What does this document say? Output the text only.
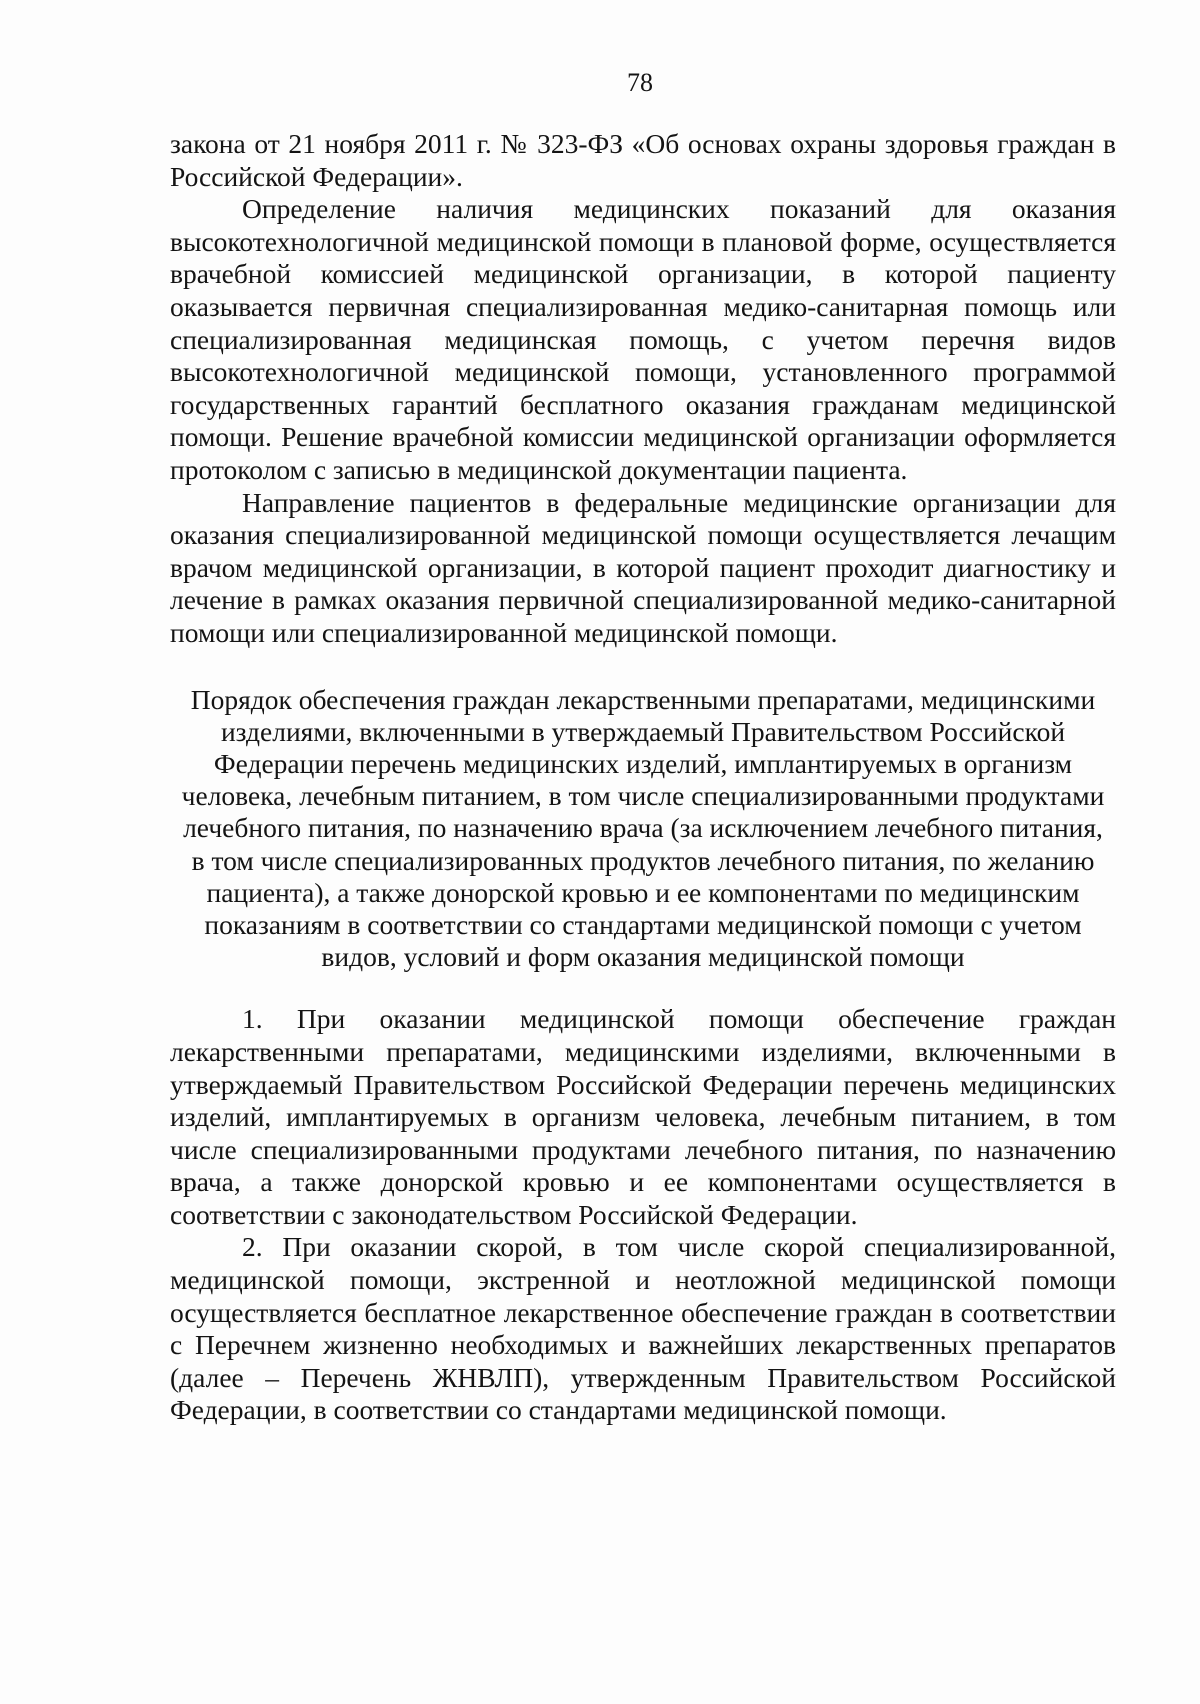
78

закона от 21 ноября 2011 г. № 323-ФЗ «Об основах охраны здоровья граждан в Российской Федерации».

Определение наличия медицинских показаний для оказания высокотехнологичной медицинской помощи в плановой форме, осуществляется врачебной комиссией медицинской организации, в которой пациенту оказывается первичная специализированная медико-санитарная помощь или специализированная медицинская помощь, с учетом перечня видов высокотехнологичной медицинской помощи, установленного программой государственных гарантий бесплатного оказания гражданам медицинской помощи. Решение врачебной комиссии медицинской организации оформляется протоколом с записью в медицинской документации пациента.

Направление пациентов в федеральные медицинские организации для оказания специализированной медицинской помощи осуществляется лечащим врачом медицинской организации, в которой пациент проходит диагностику и лечение в рамках оказания первичной специализированной медико-санитарной помощи или специализированной медицинской помощи.

Порядок обеспечения граждан лекарственными препаратами, медицинскими изделиями, включенными в утверждаемый Правительством Российской Федерации перечень медицинских изделий, имплантируемых в организм человека, лечебным питанием, в том числе специализированными продуктами лечебного питания, по назначению врача (за исключением лечебного питания, в том числе специализированных продуктов лечебного питания, по желанию пациента), а также донорской кровью и ее компонентами по медицинским показаниям в соответствии со стандартами медицинской помощи с учетом видов, условий и форм оказания медицинской помощи

1. При оказании медицинской помощи обеспечение граждан лекарственными препаратами, медицинскими изделиями, включенными в утверждаемый Правительством Российской Федерации перечень медицинских изделий, имплантируемых в организм человека, лечебным питанием, в том числе специализированными продуктами лечебного питания, по назначению врача, а также донорской кровью и ее компонентами осуществляется в соответствии с законодательством Российской Федерации.

2. При оказании скорой, в том числе скорой специализированной, медицинской помощи, экстренной и неотложной медицинской помощи осуществляется бесплатное лекарственное обеспечение граждан в соответствии с Перечнем жизненно необходимых и важнейших лекарственных препаратов (далее – Перечень ЖНВЛП), утвержденным Правительством Российской Федерации, в соответствии со стандартами медицинской помощи.
